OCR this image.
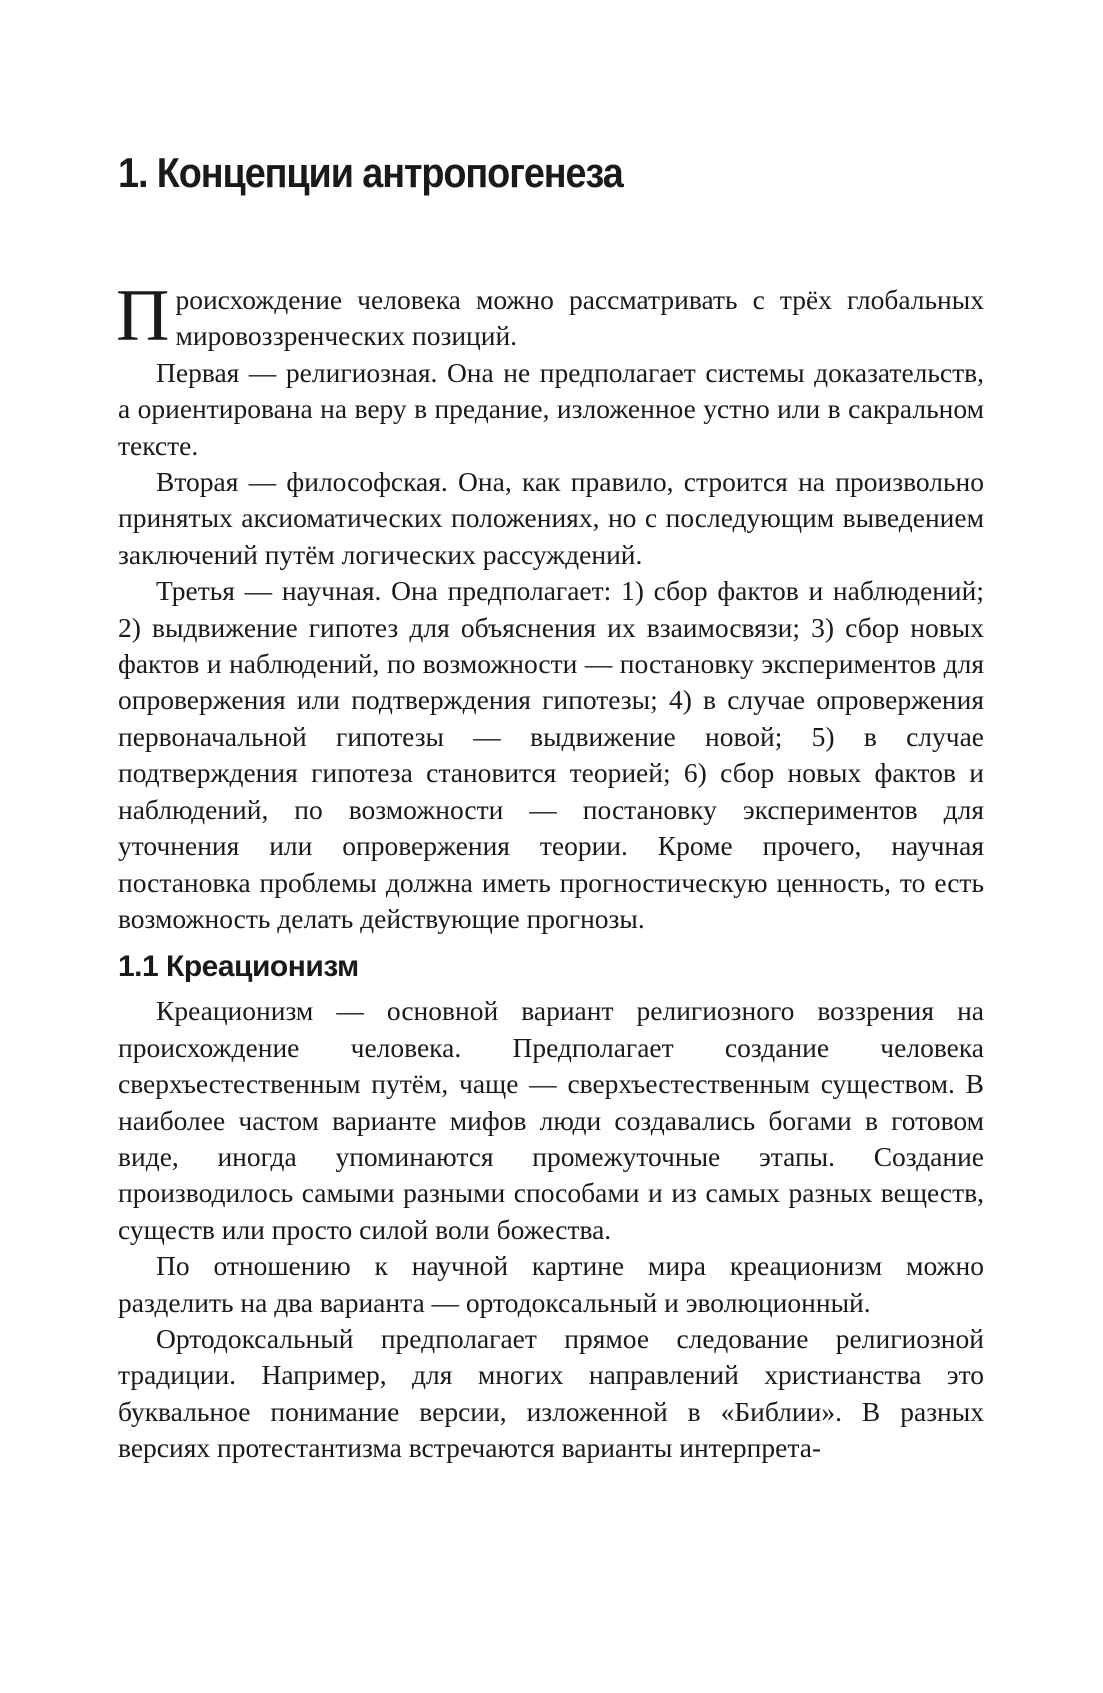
1. Концепции антропогенеза

Происхождение человека можно рассматривать с трёх глобальных мировоззренческих позиций.

Первая — религиозная. Она не предполагает системы доказательств, а ориентирована на веру в предание, изложенное устно или в сакральном тексте.

Вторая — философская. Она, как правило, строится на произвольно принятых аксиоматических положениях, но с последующим выведением заключений путём логических рассуждений.

Третья — научная. Она предполагает: 1) сбор фактов и наблюдений; 2) выдвижение гипотез для объяснения их взаимосвязи; 3) сбор новых фактов и наблюдений, по возможности — постановку экспериментов для опровержения или подтверждения гипотезы; 4) в случае опровержения первоначальной гипотезы — выдвижение новой; 5) в случае подтверждения гипотеза становится теорией; 6) сбор новых фактов и наблюдений, по возможности — постановку экспериментов для уточнения или опровержения теории. Кроме прочего, научная постановка проблемы должна иметь прогностическую ценность, то есть возможность делать действующие прогнозы.

1.1 Креационизм

Креационизм — основной вариант религиозного воззрения на происхождение человека. Предполагает создание человека сверхъестественным путём, чаще — сверхъестественным существом. В наиболее частом варианте мифов люди создавались богами в готовом виде, иногда упоминаются промежуточные этапы. Создание производилось самыми разными способами и из самых разных веществ, существ или просто силой воли божества.

По отношению к научной картине мира креационизм можно разделить на два варианта — ортодоксальный и эволюционный.

Ортодоксальный предполагает прямое следование религиозной традиции. Например, для многих направлений христианства это буквальное понимание версии, изложенной в «Библии». В разных версиях протестантизма встречаются варианты интерпрета-
